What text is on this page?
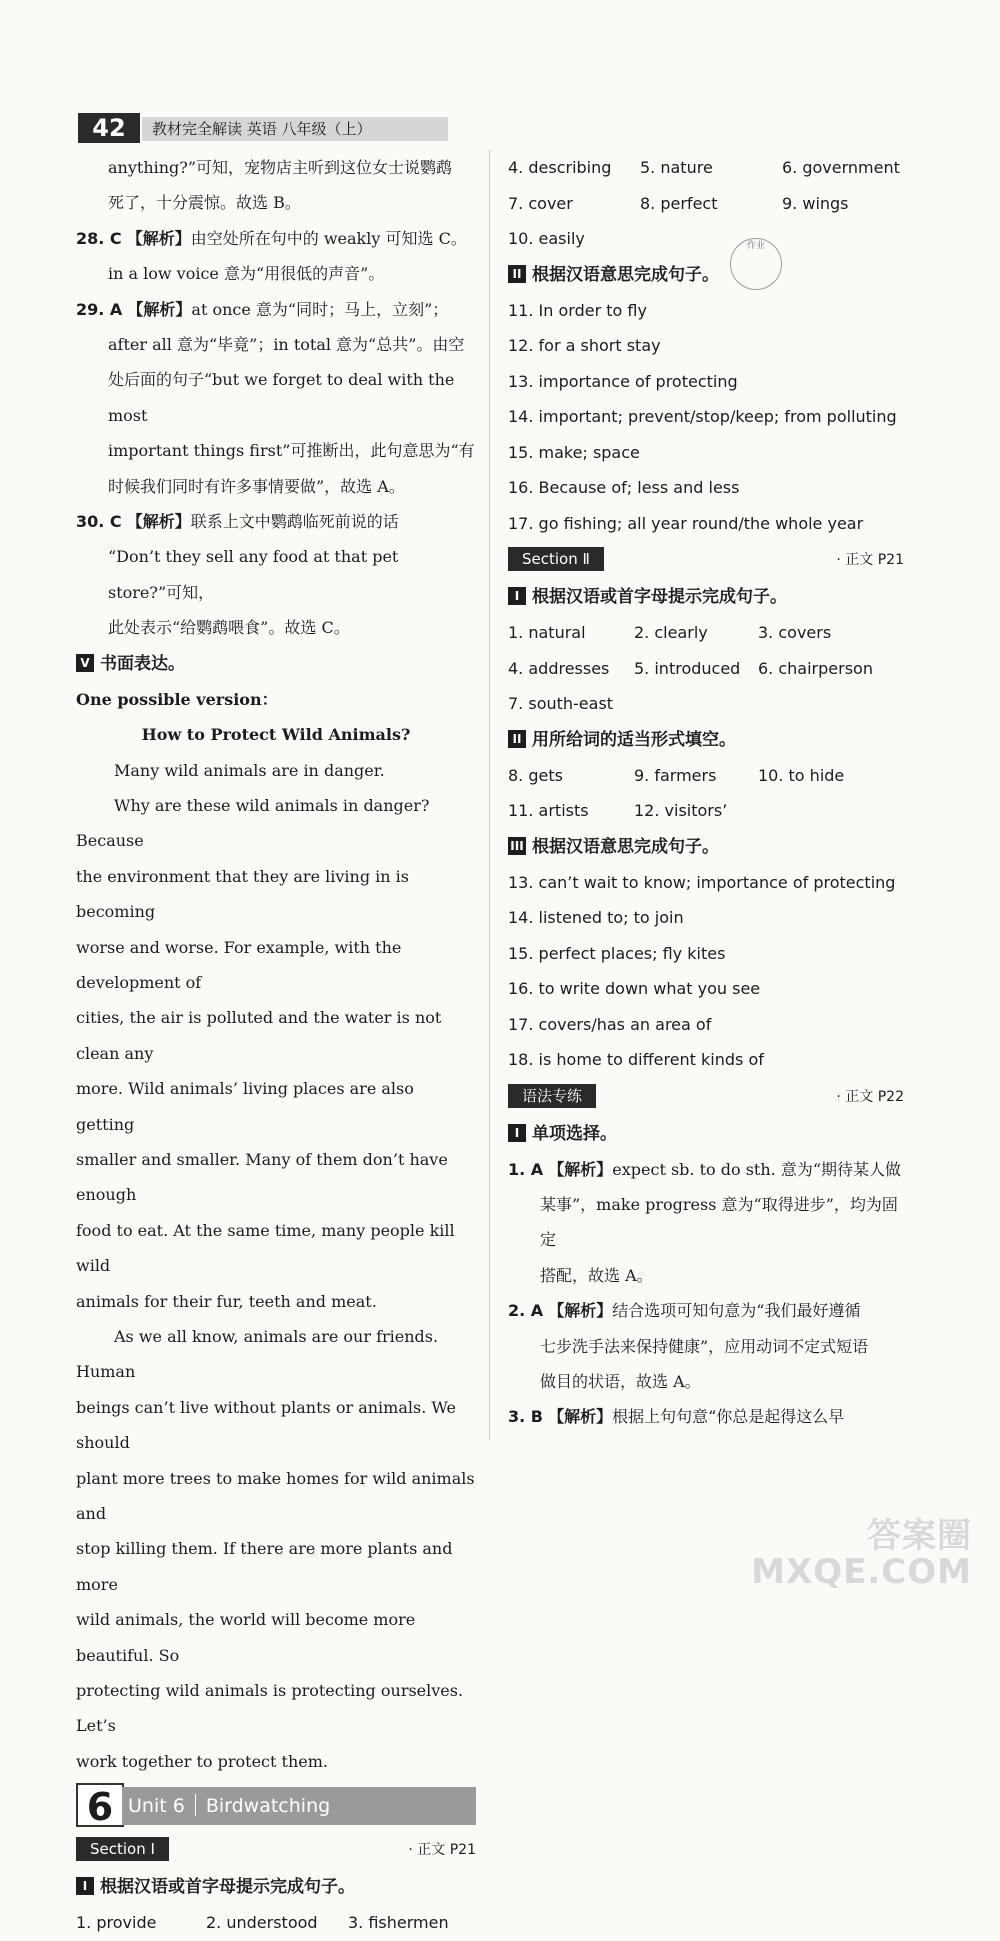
42	教材完全解读 英语 八年级（上）

anything?”可知，宠物店主听到这位女士说鹦鹉

死了，十分震惊。故选 B。

28. C 【解析】由空处所在句中的 weakly 可知选 C。

in a low voice 意为“用很低的声音”。

29. A 【解析】at once 意为“同时；马上，立刻”；

after all 意为“毕竟”；in total 意为“总共”。由空

处后面的句子“but we forget to deal with the most

important things first”可推断出，此句意思为“有

时候我们同时有许多事情要做”，故选 A。

30. C 【解析】联系上文中鹦鹉临死前说的话

“Don’t they sell any food at that pet store?”可知，

此处表示“给鹦鹉喂食”。故选 C。

V 书面表达。

One possible version：

How to Protect Wild Animals?

Many wild animals are in danger.

Why are these wild animals in danger? Because

the environment that they are living in is becoming

worse and worse. For example, with the development of

cities, the air is polluted and the water is not clean any

more. Wild animals’ living places are also getting

smaller and smaller. Many of them don’t have enough

food to eat. At the same time, many people kill wild

animals for their fur, teeth and meat.

As we all know, animals are our friends. Human

beings can’t live without plants or animals. We should

plant more trees to make homes for wild animals and

stop killing them. If there are more plants and more

wild animals, the world will become more beautiful. So

protecting wild animals is protecting ourselves. Let’s

work together to protect them.

6 Unit 6 Birdwatching
Section Ⅰ	· 正文 P21

I 根据汉语或首字母提示完成句子。

1. provide	2. understood	3. fishermen
4. describing	5. nature	6. government
7. cover	8. perfect	9. wings

10. easily

II 根据汉语意思完成句子。

11. In order to fly

12. for a short stay

13. importance of protecting

14. important; prevent/stop/keep; from polluting

15. make; space

16. Because of; less and less

17. go fishing; all year round/the whole year

Section Ⅱ	· 正文 P21

I 根据汉语或首字母提示完成句子。

1. natural	2. clearly	3. covers
4. addresses	5. introduced	6. chairperson

7. south-east

II 用所给词的适当形式填空。

8. gets	9. farmers	10. to hide
11. artists	12. visitors’

III 根据汉语意思完成句子。

13. can’t wait to know; importance of protecting

14. listened to; to join

15. perfect places; fly kites

16. to write down what you see

17. covers/has an area of

18. is home to different kinds of

语法专练	· 正文 P22

I 单项选择。

1. A 【解析】expect sb. to do sth. 意为“期待某人做

某事”，make progress 意为“取得进步”，均为固定

搭配，故选 A。

2. A 【解析】结合选项可知句意为“我们最好遵循

七步洗手法来保持健康”，应用动词不定式短语

做目的状语，故选 A。

3. B 【解析】根据上句句意“你总是起得这么早

作业
答案圈
MXQE.COM
